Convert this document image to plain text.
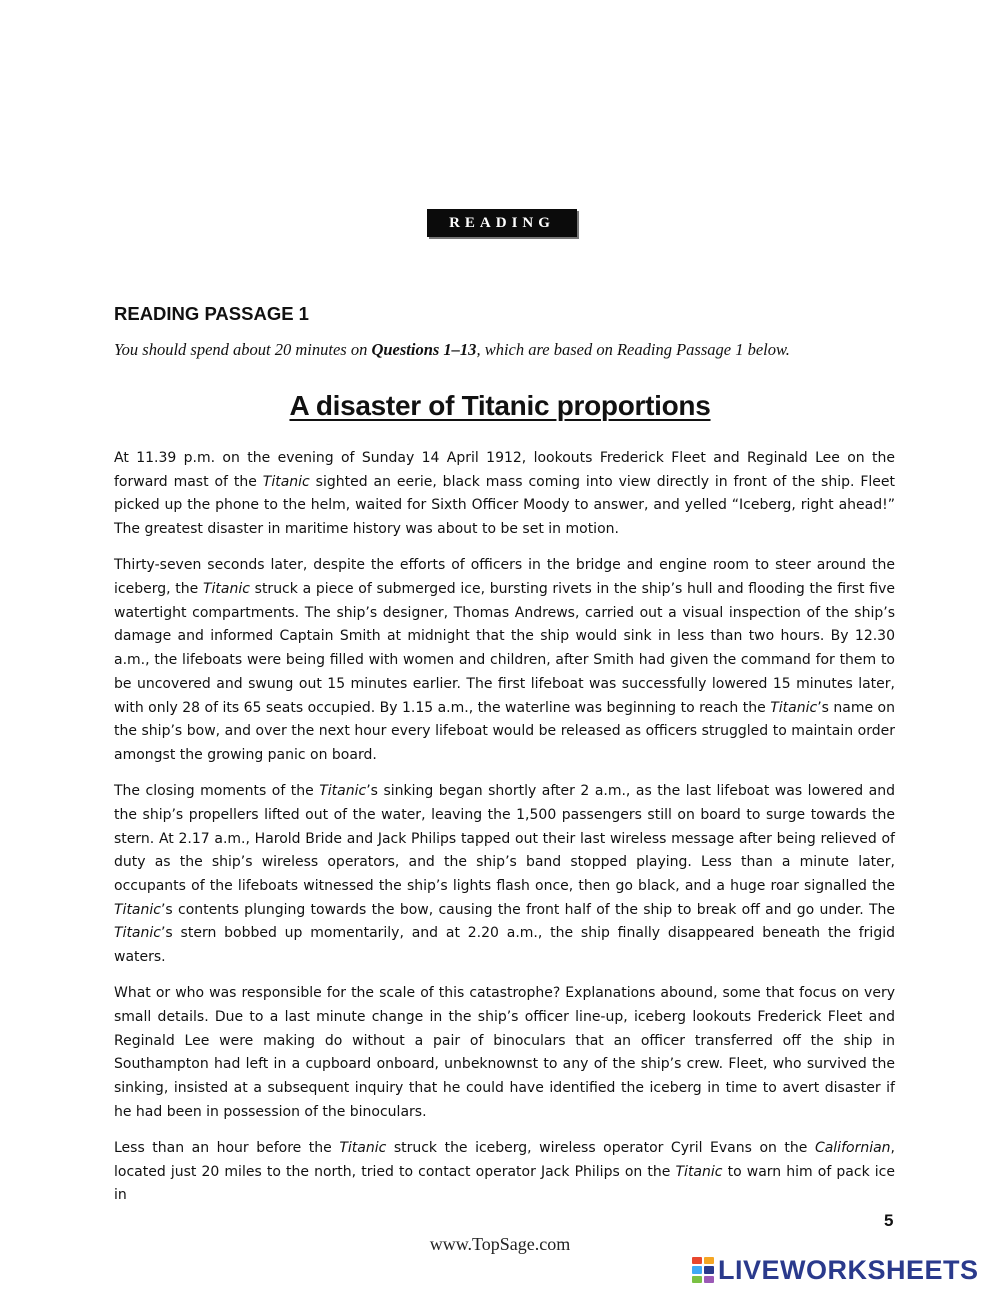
READING
READING PASSAGE 1
You should spend about 20 minutes on Questions 1–13, which are based on Reading Passage 1 below.
A disaster of Titanic proportions

At 11.39 p.m. on the evening of Sunday 14 April 1912, lookouts Frederick Fleet and Reginald Lee on the forward mast of the Titanic sighted an eerie, black mass coming into view directly in front of the ship. Fleet picked up the phone to the helm, waited for Sixth Officer Moody to answer, and yelled “Iceberg, right ahead!” The greatest disaster in maritime history was about to be set in motion.

Thirty-seven seconds later, despite the efforts of officers in the bridge and engine room to steer around the iceberg, the Titanic struck a piece of submerged ice, bursting rivets in the ship’s hull and flooding the first five watertight compartments. The ship’s designer, Thomas Andrews, carried out a visual inspection of the ship’s damage and informed Captain Smith at midnight that the ship would sink in less than two hours. By 12.30 a.m., the lifeboats were being filled with women and children, after Smith had given the command for them to be uncovered and swung out 15 minutes earlier. The first lifeboat was successfully lowered 15 minutes later, with only 28 of its 65 seats occupied. By 1.15 a.m., the waterline was beginning to reach the Titanic’s name on the ship’s bow, and over the next hour every lifeboat would be released as officers struggled to maintain order amongst the growing panic on board.

The closing moments of the Titanic’s sinking began shortly after 2 a.m., as the last lifeboat was lowered and the ship’s propellers lifted out of the water, leaving the 1,500 passengers still on board to surge towards the stern. At 2.17 a.m., Harold Bride and Jack Philips tapped out their last wireless message after being relieved of duty as the ship’s wireless operators, and the ship’s band stopped playing. Less than a minute later, occupants of the lifeboats witnessed the ship’s lights flash once, then go black, and a huge roar signalled the Titanic’s contents plunging towards the bow, causing the front half of the ship to break off and go under. The Titanic’s stern bobbed up momentarily, and at 2.20 a.m., the ship finally disappeared beneath the frigid waters.

What or who was responsible for the scale of this catastrophe? Explanations abound, some that focus on very small details. Due to a last minute change in the ship’s officer line-up, iceberg lookouts Frederick Fleet and Reginald Lee were making do without a pair of binoculars that an officer transferred off the ship in Southampton had left in a cupboard onboard, unbeknownst to any of the ship’s crew. Fleet, who survived the sinking, insisted at a subsequent inquiry that he could have identified the iceberg in time to avert disaster if he had been in possession of the binoculars.

Less than an hour before the Titanic struck the iceberg, wireless operator Cyril Evans on the Californian, located just 20 miles to the north, tried to contact operator Jack Philips on the Titanic to warn him of pack ice in

5
www.TopSage.com
LIVEWORKSHEETS
